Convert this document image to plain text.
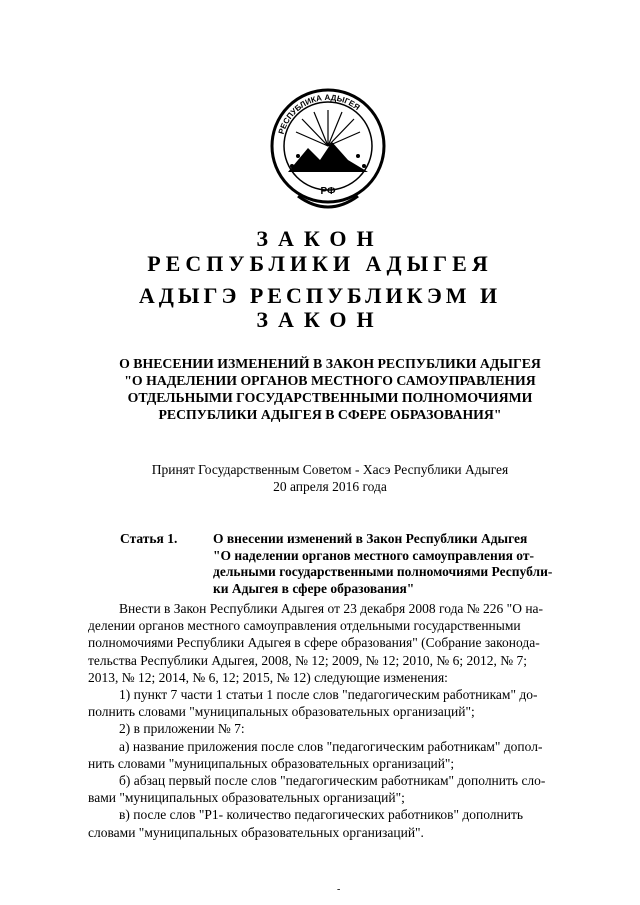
РЕСПУБЛИКА АДЫГЕЯ
РФ
ЗАКОН
РЕСПУБЛИКИ АДЫГЕЯ
АДЫГЭ РЕСПУБЛИКЭМ И
ЗАКОН
О ВНЕСЕНИИ ИЗМЕНЕНИЙ В ЗАКОН РЕСПУБЛИКИ АДЫГЕЯ
"О НАДЕЛЕНИИ ОРГАНОВ МЕСТНОГО САМОУПРАВЛЕНИЯ
ОТДЕЛЬНЫМИ ГОСУДАРСТВЕННЫМИ ПОЛНОМОЧИЯМИ
РЕСПУБЛИКИ АДЫГЕЯ В СФЕРЕ ОБРАЗОВАНИЯ"
Принят Государственным Советом - Хасэ Республики Адыгея
20 апреля 2016 года
Статья 1.	О внесении изменений в Закон Республики Адыгея
"О наделении органов местного самоуправления от-
дельными государственными полномочиями Республи-
ки Адыгея в сфере образования"

Внести в Закон Республики Адыгея от 23 декабря 2008 года № 226 "О на-

делении органов местного самоуправления отдельными государственными

полномочиями Республики Адыгея в сфере образования" (Собрание законода-

тельства Республики Адыгея, 2008, № 12; 2009, № 12; 2010, № 6; 2012, № 7;

2013, № 12; 2014, № 6, 12; 2015, № 12) следующие изменения:

1) пункт 7 части 1 статьи 1 после слов "педагогическим работникам" до-

полнить словами "муниципальных образовательных организаций";

2) в приложении № 7:

а) название приложения после слов "педагогическим работникам" допол-

нить словами "муниципальных образовательных организаций";

б) абзац первый после слов "педагогическим работникам" дополнить сло-

вами "муниципальных образовательных организаций";

в) после слов "Р1- количество педагогических работников" дополнить

словами "муниципальных образовательных организаций".

-
